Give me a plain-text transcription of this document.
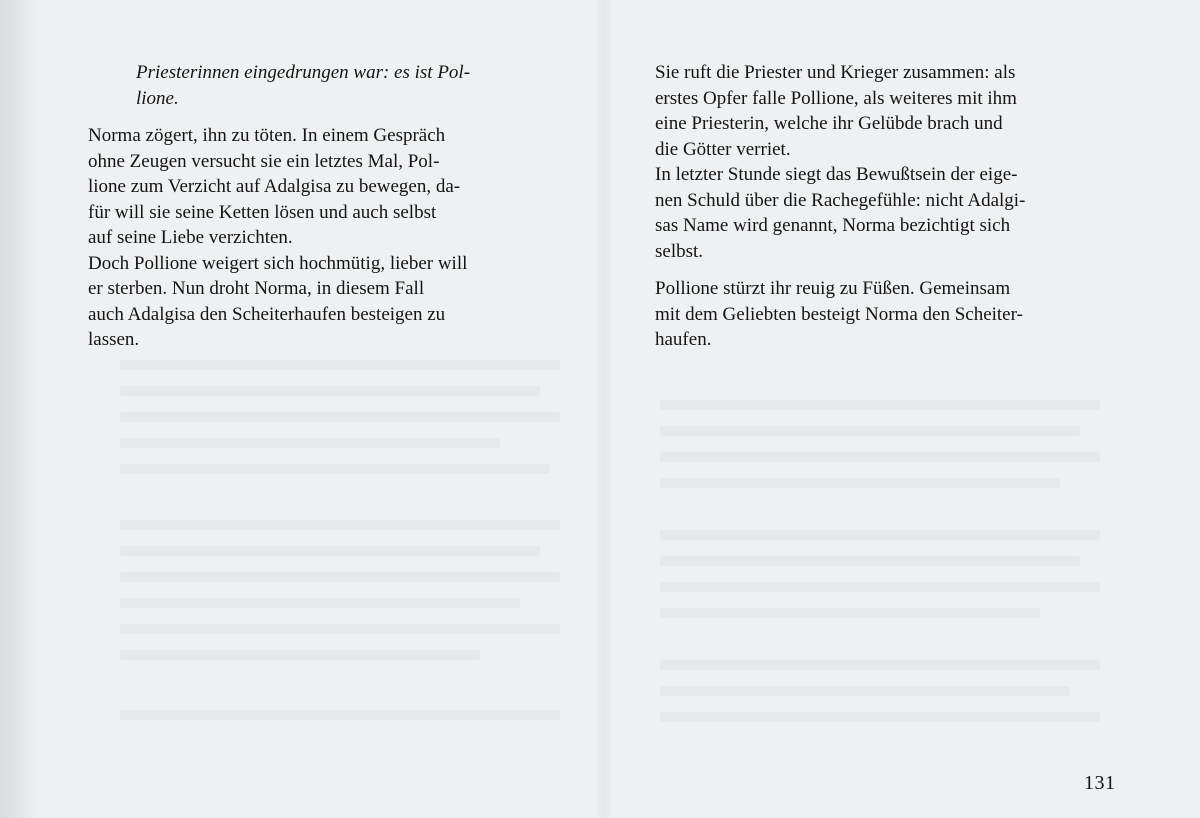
Priesterinnen eingedrungen war: es ist Pol-
lione.

Norma zögert, ihn zu töten. In einem Gespräch
ohne Zeugen versucht sie ein letztes Mal, Pol-
lione zum Verzicht auf Adalgisa zu bewegen, da-
für will sie seine Ketten lösen und auch selbst
auf seine Liebe verzichten.

Doch Pollione weigert sich hochmütig, lieber will
er sterben. Nun droht Norma, in diesem Fall
auch Adalgisa den Scheiterhaufen besteigen zu
lassen.

Sie ruft die Priester und Krieger zusammen: als
erstes Opfer falle Pollione, als weiteres mit ihm
eine Priesterin, welche ihr Gelübde brach und
die Götter verriet.

In letzter Stunde siegt das Bewußtsein der eige-
nen Schuld über die Rachegefühle: nicht Adalgi-
sas Name wird genannt, Norma bezichtigt sich
selbst.

Pollione stürzt ihr reuig zu Füßen. Gemeinsam
mit dem Geliebten besteigt Norma den Scheiter-
haufen.

131
